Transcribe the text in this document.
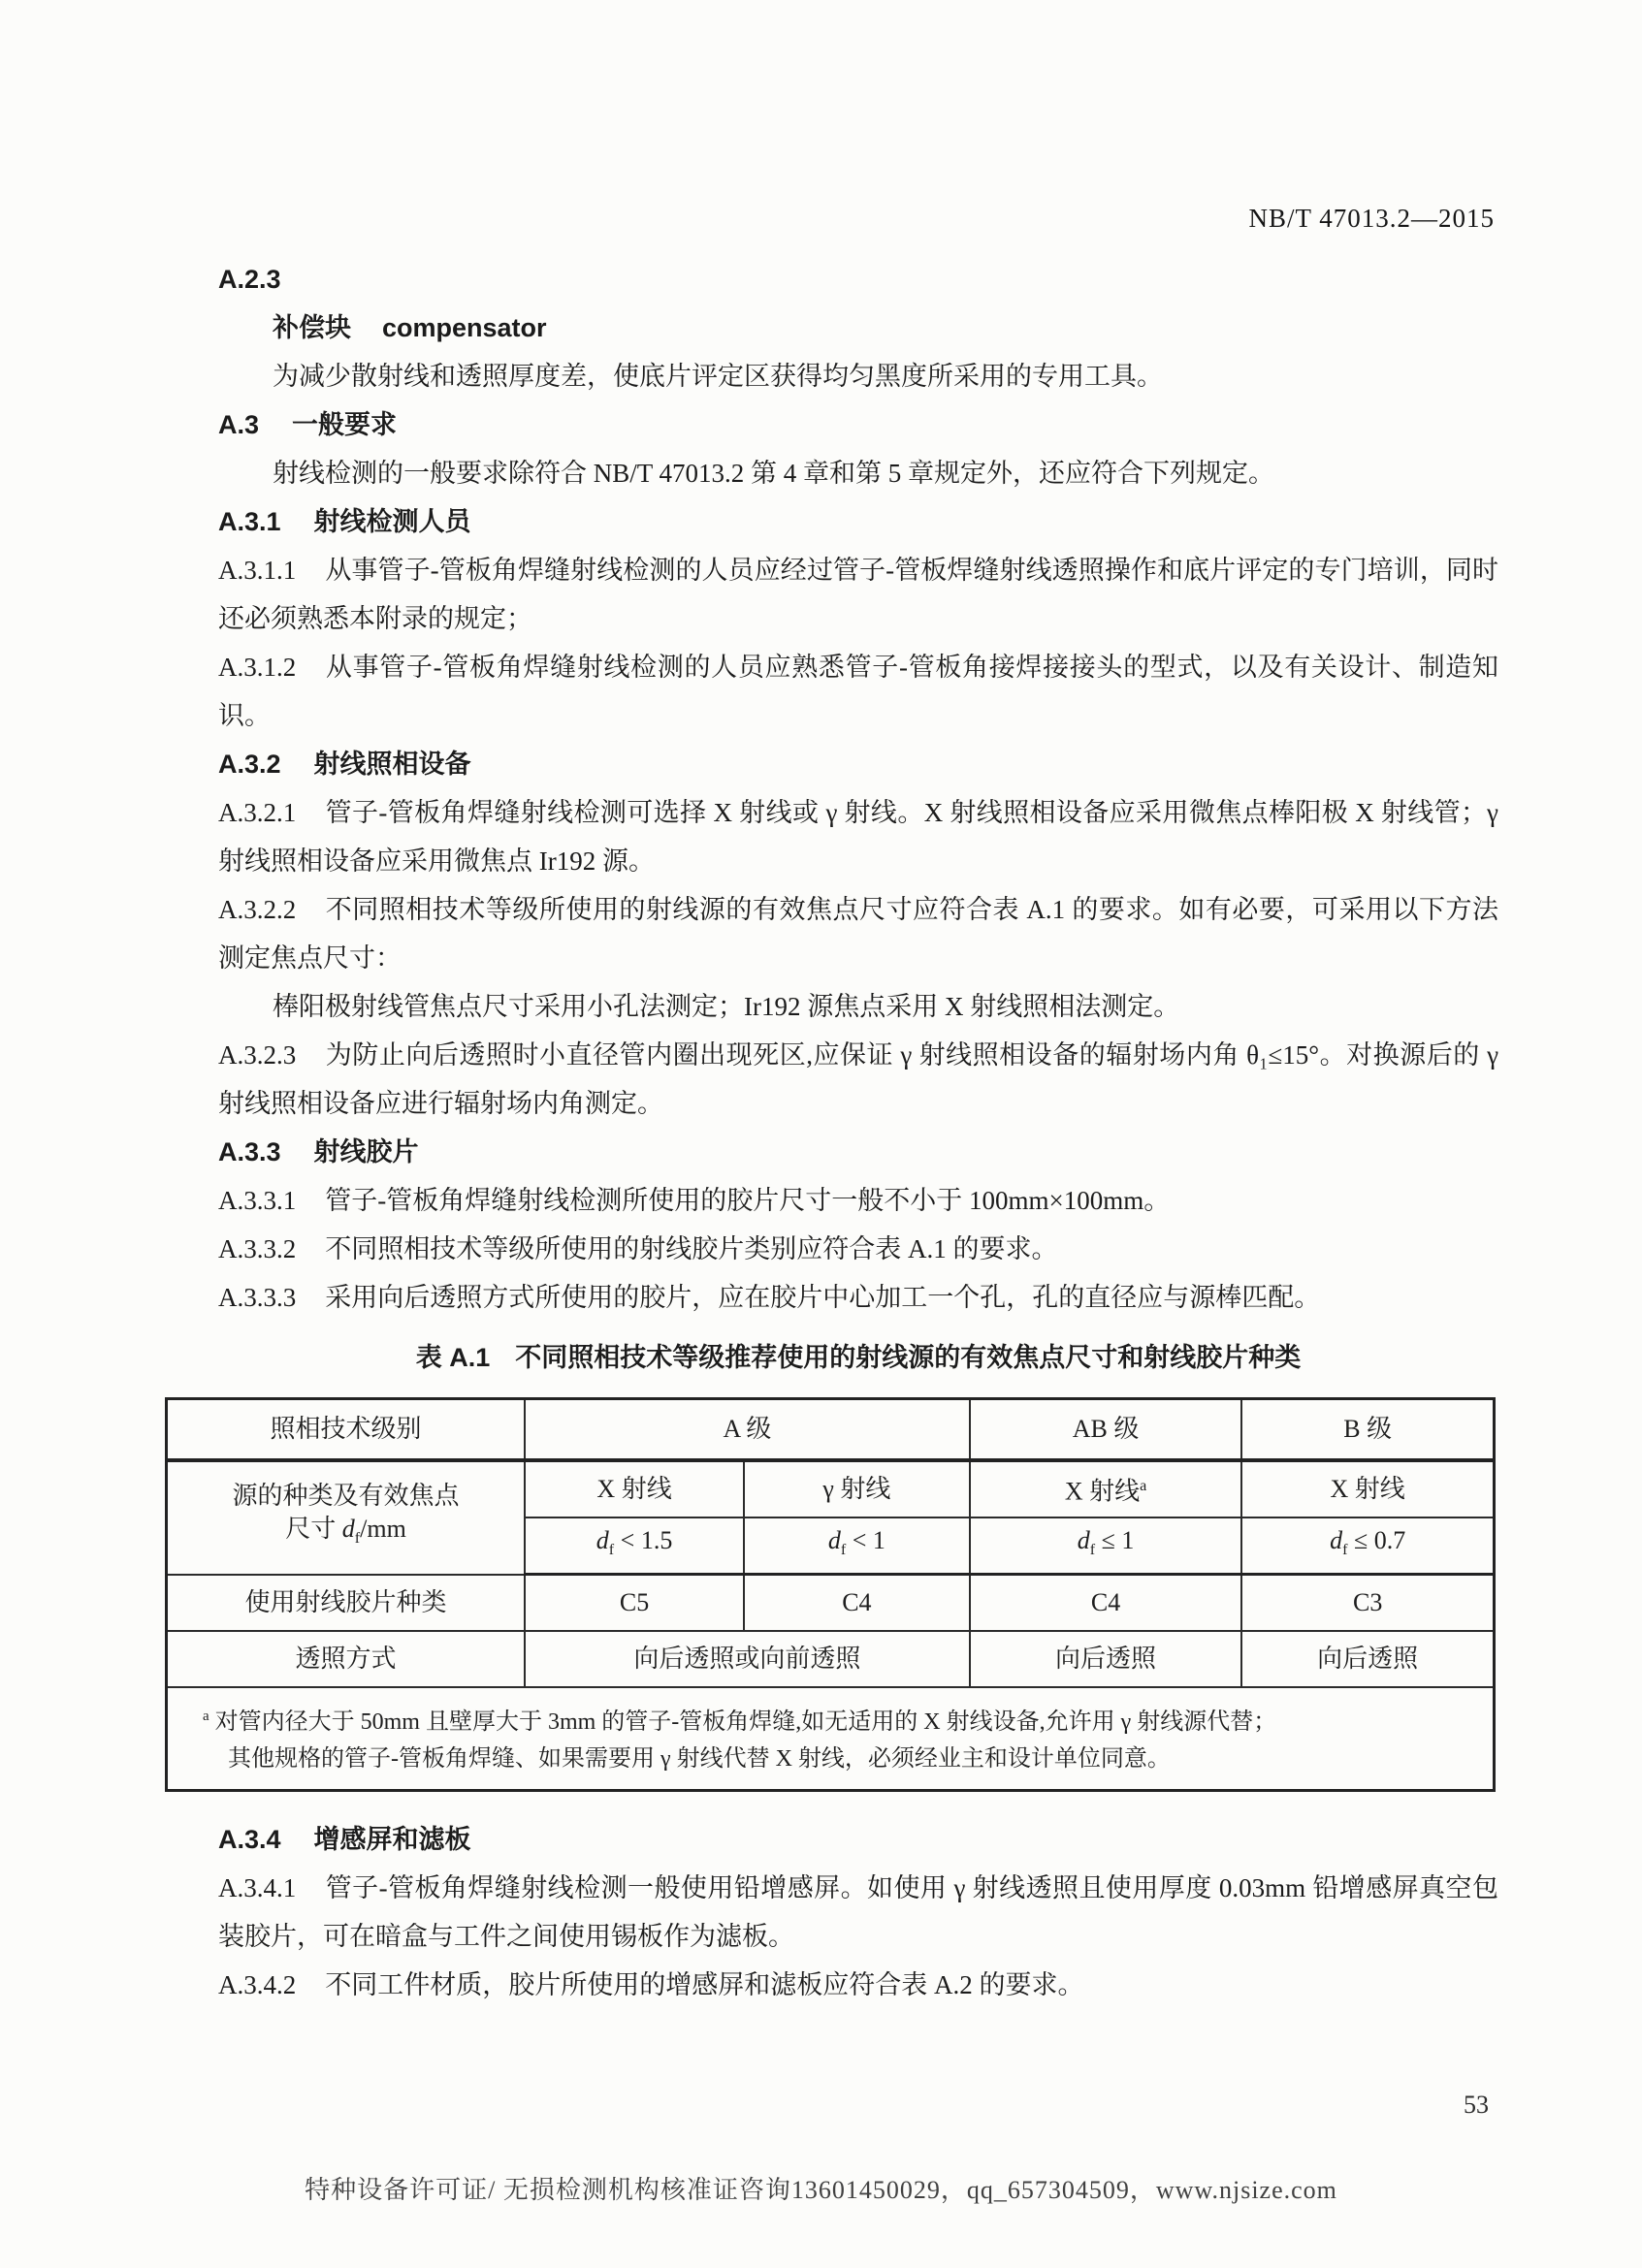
NB/T 47013.2—2015

A.2.3

补偿块 compensator

为减少散射线和透照厚度差，使底片评定区获得均匀黑度所采用的专用工具。

A.3 一般要求

射线检测的一般要求除符合 NB/T 47013.2 第 4 章和第 5 章规定外，还应符合下列规定。

A.3.1 射线检测人员

A.3.1.1 从事管子-管板角焊缝射线检测的人员应经过管子-管板焊缝射线透照操作和底片评定的专门培训，同时还必须熟悉本附录的规定；

A.3.1.2 从事管子-管板角焊缝射线检测的人员应熟悉管子-管板角接焊接接头的型式，以及有关设计、制造知识。

A.3.2 射线照相设备

A.3.2.1 管子-管板角焊缝射线检测可选择 X 射线或 γ 射线。X 射线照相设备应采用微焦点棒阳极 X 射线管；γ 射线照相设备应采用微焦点 Ir192 源。

A.3.2.2 不同照相技术等级所使用的射线源的有效焦点尺寸应符合表 A.1 的要求。如有必要，可采用以下方法测定焦点尺寸：

棒阳极射线管焦点尺寸采用小孔法测定；Ir192 源焦点采用 X 射线照相法测定。

A.3.2.3 为防止向后透照时小直径管内圈出现死区,应保证 γ 射线照相设备的辐射场内角 θ₁≤15°。对换源后的 γ 射线照相设备应进行辐射场内角测定。

A.3.3 射线胶片

A.3.3.1 管子-管板角焊缝射线检测所使用的胶片尺寸一般不小于 100mm×100mm。

A.3.3.2 不同照相技术等级所使用的射线胶片类别应符合表 A.1 的要求。

A.3.3.3 采用向后透照方式所使用的胶片，应在胶片中心加工一个孔，孔的直径应与源棒匹配。

表 A.1 不同照相技术等级推荐使用的射线源的有效焦点尺寸和射线胶片种类

照相技术级别	A 级		AB 级	B 级
源的种类及有效焦点
尺寸 $d_f/mm$	X 射线	γ 射线	X 射线$^a$	X 射线
	$d_f < 1.5$	$d_f < 1$	$d_f \le 1$	$d_f \le 0.7$
使用射线胶片种类	C5	C4	C4	C3
透照方式	向后透照或向前透照		向后透照	向后透照

$^a$ 对管内径大于 50mm 且壁厚大于 3mm 的管子-管板角焊缝,如无适用的 X 射线设备,允许用 γ 射线源代替；

其他规格的管子-管板角焊缝、如果需要用 γ 射线代替 X 射线，必须经业主和设计单位同意。				

A.3.4 增感屏和滤板

A.3.4.1 管子-管板角焊缝射线检测一般使用铅增感屏。如使用 γ 射线透照且使用厚度 0.03mm 铅增感屏真空包装胶片，可在暗盒与工件之间使用锡板作为滤板。

A.3.4.2 不同工件材质，胶片所使用的增感屏和滤板应符合表 A.2 的要求。

53
特种设备许可证/ 无损检测机构核准证咨询13601450029，qq_657304509，www.njsize.com
